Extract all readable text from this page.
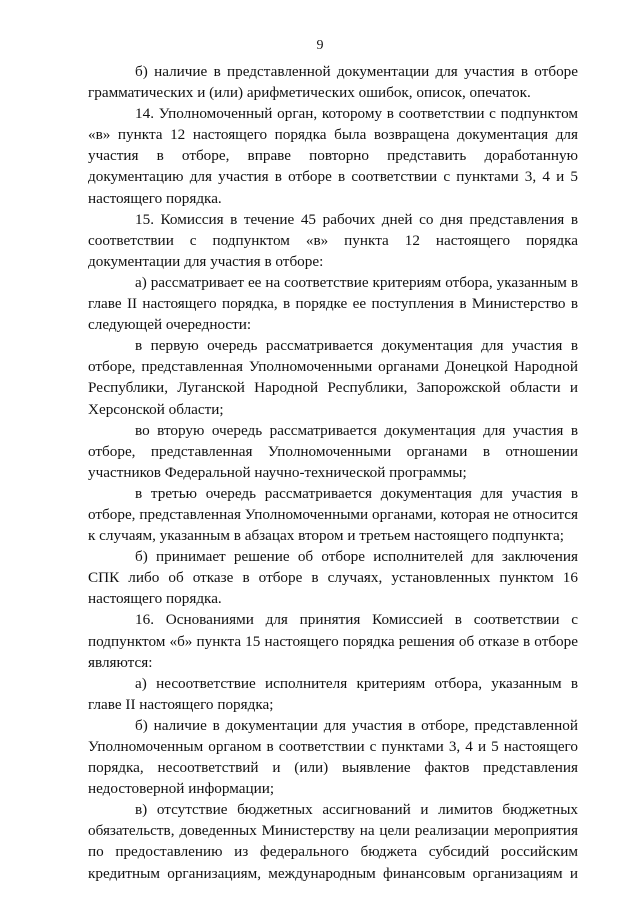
9

б) наличие в представленной документации для участия в отборе грамматических и (или) арифметических ошибок, описок, опечаток.

14. Уполномоченный орган, которому в соответствии с подпунктом «в» пункта 12 настоящего порядка была возвращена документация для участия в отборе, вправе повторно представить доработанную документацию для участия в отборе в соответствии с пунктами 3, 4 и 5 настоящего порядка.

15. Комиссия в течение 45 рабочих дней со дня представления в соответствии с подпунктом «в» пункта 12 настоящего порядка документации для участия в отборе:

а) рассматривает ее на соответствие критериям отбора, указанным в главе II настоящего порядка, в порядке ее поступления в Министерство в следующей очередности:

в первую очередь рассматривается документация для участия в отборе, представленная Уполномоченными органами Донецкой Народной Республики, Луганской Народной Республики, Запорожской области и Херсонской области;

во вторую очередь рассматривается документация для участия в отборе, представленная Уполномоченными органами в отношении участников Федеральной научно-технической программы;

в третью очередь рассматривается документация для участия в отборе, представленная Уполномоченными органами, которая не относится к случаям, указанным в абзацах втором и третьем настоящего подпункта;

б) принимает решение об отборе исполнителей для заключения СПК либо об отказе в отборе в случаях, установленных пунктом 16 настоящего порядка.

16. Основаниями для принятия Комиссией в соответствии с подпунктом «б» пункта 15 настоящего порядка решения об отказе в отборе являются:

а) несоответствие исполнителя критериям отбора, указанным в главе II настоящего порядка;

б) наличие в документации для участия в отборе, представленной Уполномоченным органом в соответствии с пунктами 3, 4 и 5 настоящего порядка, несоответствий и (или) выявление фактов представления недостоверной информации;

в) отсутствие бюджетных ассигнований и лимитов бюджетных обязательств, доведенных Министерству на цели реализации мероприятия по предоставлению из федерального бюджета субсидий российским кредитным организациям, международным финансовым организациям и
